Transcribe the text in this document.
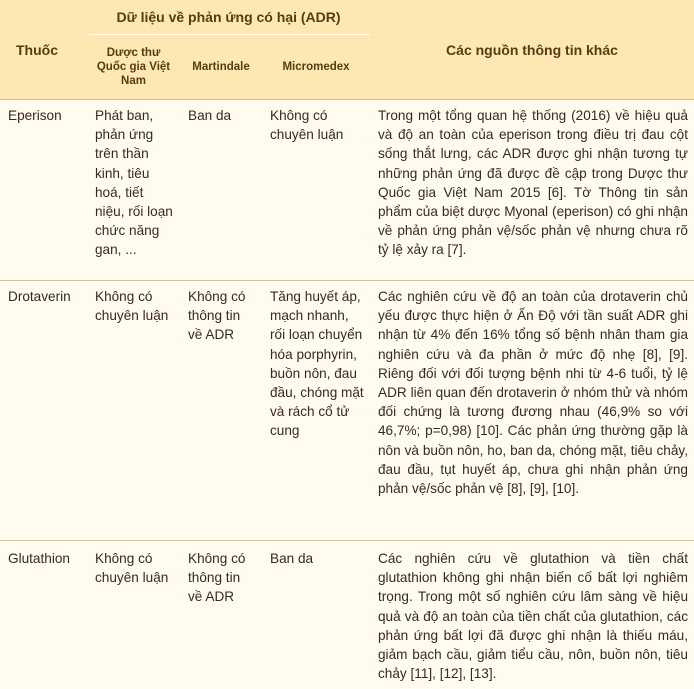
Thuốc	Dữ liệu về phản ứng có hại (ADR)			Các nguồn thông tin khác
	Dược thư Quốc gia Việt Nam	Martindale	Micromedex	
Eperison	Phát ban, phản ứng trên thần kinh, tiêu hoá, tiết niệu, rối loạn chức năng gan, ...	Ban da	Không có chuyên luận	Trong một tổng quan hệ thống (2016) về hiệu quả và độ an toàn của eperison trong điều trị đau cột sống thắt lưng, các ADR được ghi nhận tương tự những phản ứng đã được đề cập trong Dược thư Quốc gia Việt Nam 2015 [6]. Tờ Thông tin sản phẩm của biệt dược Myonal (eperison) có ghi nhận về phản ứng phản vệ/sốc phản vệ nhưng chưa rõ tỷ lệ xảy ra [7].
Drotaverin	Không có chuyên luận	Không có thông tin về ADR	Tăng huyết áp, mạch nhanh, rối loạn chuyển hóa porphyrin, buồn nôn, đau đầu, chóng mặt và rách cổ tử cung	Các nghiên cứu về độ an toàn của drotaverin chủ yếu được thực hiện ở Ấn Độ với tần suất ADR ghi nhận từ 4% đến 16% tổng số bệnh nhân tham gia nghiên cứu và đa phần ở mức độ nhẹ [8], [9]. Riêng đối với đối tượng bệnh nhi từ 4-6 tuổi, tỷ lệ ADR liên quan đến drotaverin ở nhóm thử và nhóm đối chứng là tương đương nhau (46,9% so với 46,7%; p=0,98) [10]. Các phản ứng thường gặp là nôn và buồn nôn, ho, ban da, chóng mặt, tiêu chảy, đau đầu, tụt huyết áp, chưa ghi nhận phản ứng phản vệ/sốc phản vệ [8], [9], [10].
Glutathion	Không có chuyên luận	Không có thông tin về ADR	Ban da	Các nghiên cứu về glutathion và tiền chất glutathion không ghi nhận biến cố bất lợi nghiêm trọng. Trong một số nghiên cứu lâm sàng về hiệu quả và độ an toàn của tiền chất của glutathion, các phản ứng bất lợi đã được ghi nhận là thiếu máu, giảm bạch cầu, giảm tiểu cầu, nôn, buồn nôn, tiêu chảy [11], [12], [13].
